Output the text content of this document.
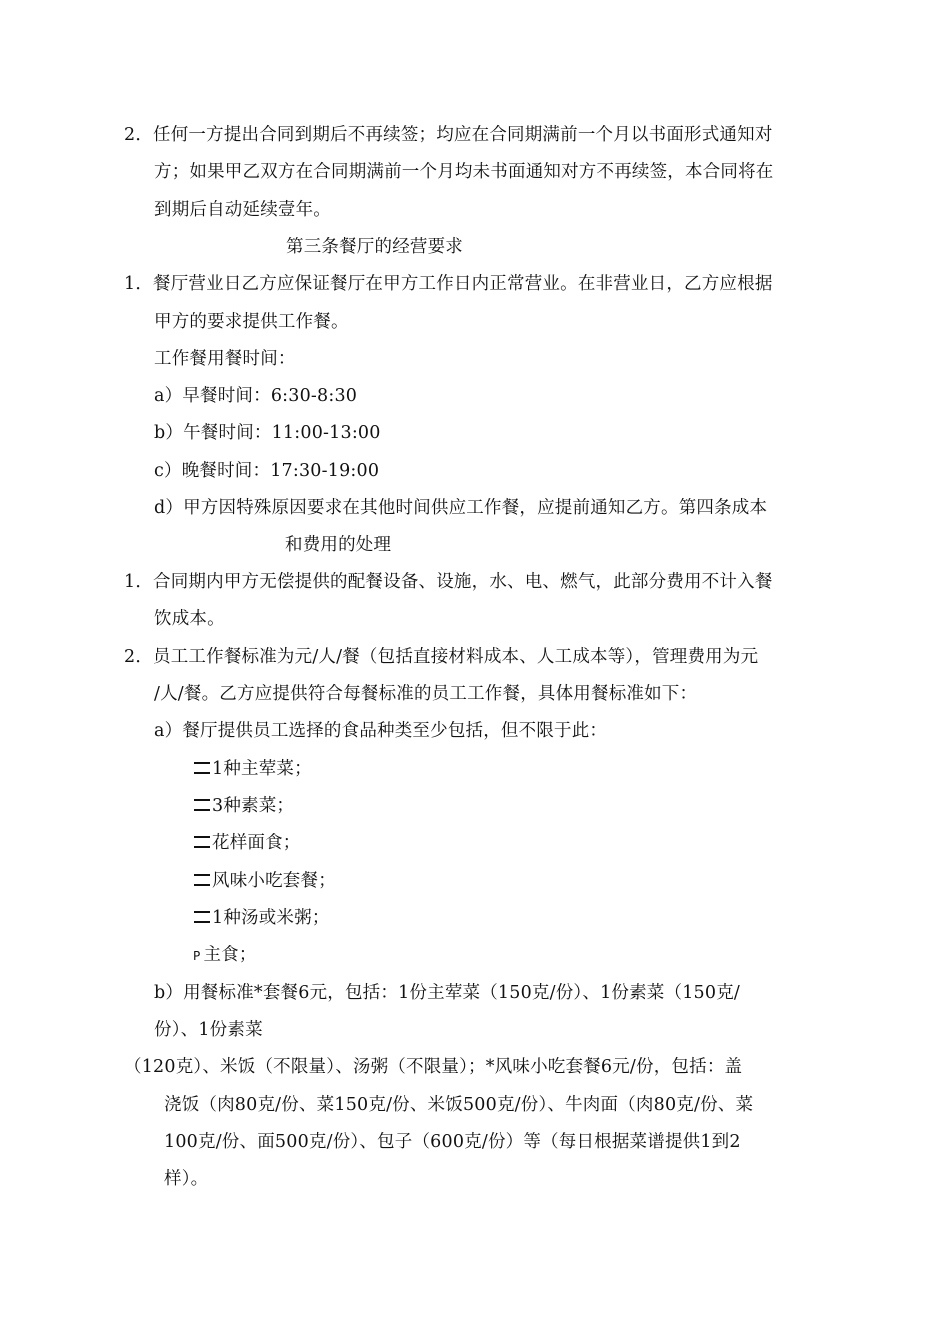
2．任何一方提出合同到期后不再续签；均应在合同期满前一个月以书面形式通知对
方；如果甲乙双方在合同期满前一个月均未书面通知对方不再续签，本合同将在
到期后自动延续壹年。
第三条餐厅的经营要求
1．餐厅营业日乙方应保证餐厅在甲方工作日内正常营业。在非营业日，乙方应根据
甲方的要求提供工作餐。
工作餐用餐时间：
a）早餐时间：6:30-8:30
b）午餐时间：11:00-13:00
c）晚餐时间：17:30-19:00
d）甲方因特殊原因要求在其他时间供应工作餐，应提前通知乙方。第四条成本
和费用的处理
1．合同期内甲方无偿提供的配餐设备、设施，水、电、燃气，此部分费用不计入餐
饮成本。
2．员工工作餐标准为元/人/餐（包括直接材料成本、人工成本等），管理费用为元
/人/餐。乙方应提供符合每餐标准的员工工作餐，具体用餐标准如下：
a）餐厅提供员工选择的食品种类至少包括，但不限于此：
1种主荤菜；
3种素菜；
花样面食；
风味小吃套餐；
1种汤或米粥；
P 主食；
b）用餐标准*套餐6元，包括：1份主荤菜（150克/份）、1份素菜（150克/
份）、1份素菜
（120克）、米饭（不限量）、汤粥（不限量）；*风味小吃套餐6元/份，包括：盖
浇饭（肉80克/份、菜150克/份、米饭500克/份）、牛肉面（肉80克/份、菜
100克/份、面500克/份）、包子（600克/份）等（每日根据菜谱提供1到2
样）。
